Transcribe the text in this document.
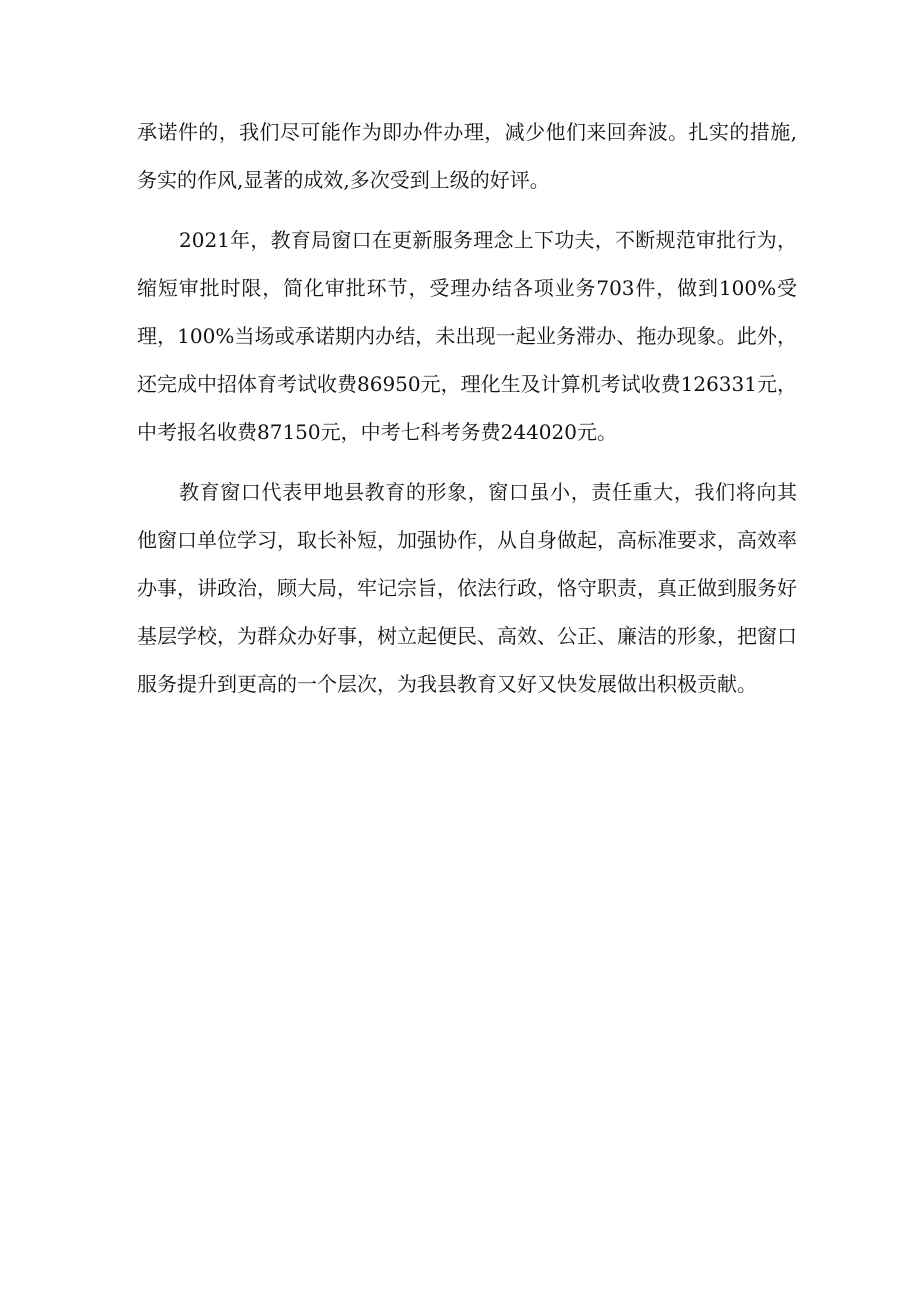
承诺件的，我们尽可能作为即办件办理，减少他们来回奔波。扎实的措施,务实的作风,显著的成效,多次受到上级的好评。

2021年，教育局窗口在更新服务理念上下功夫，不断规范审批行为，缩短审批时限，简化审批环节，受理办结各项业务703件，做到100%受理，100%当场或承诺期内办结，未出现一起业务滞办、拖办现象。此外，还完成中招体育考试收费86950元，理化生及计算机考试收费126331元，中考报名收费87150元，中考七科考务费244020元。

教育窗口代表甲地县教育的形象，窗口虽小，责任重大，我们将向其他窗口单位学习，取长补短，加强协作，从自身做起，高标准要求，高效率办事，讲政治，顾大局，牢记宗旨，依法行政，恪守职责，真正做到服务好基层学校，为群众办好事，树立起便民、高效、公正、廉洁的形象，把窗口服务提升到更高的一个层次，为我县教育又好又快发展做出积极贡献。
